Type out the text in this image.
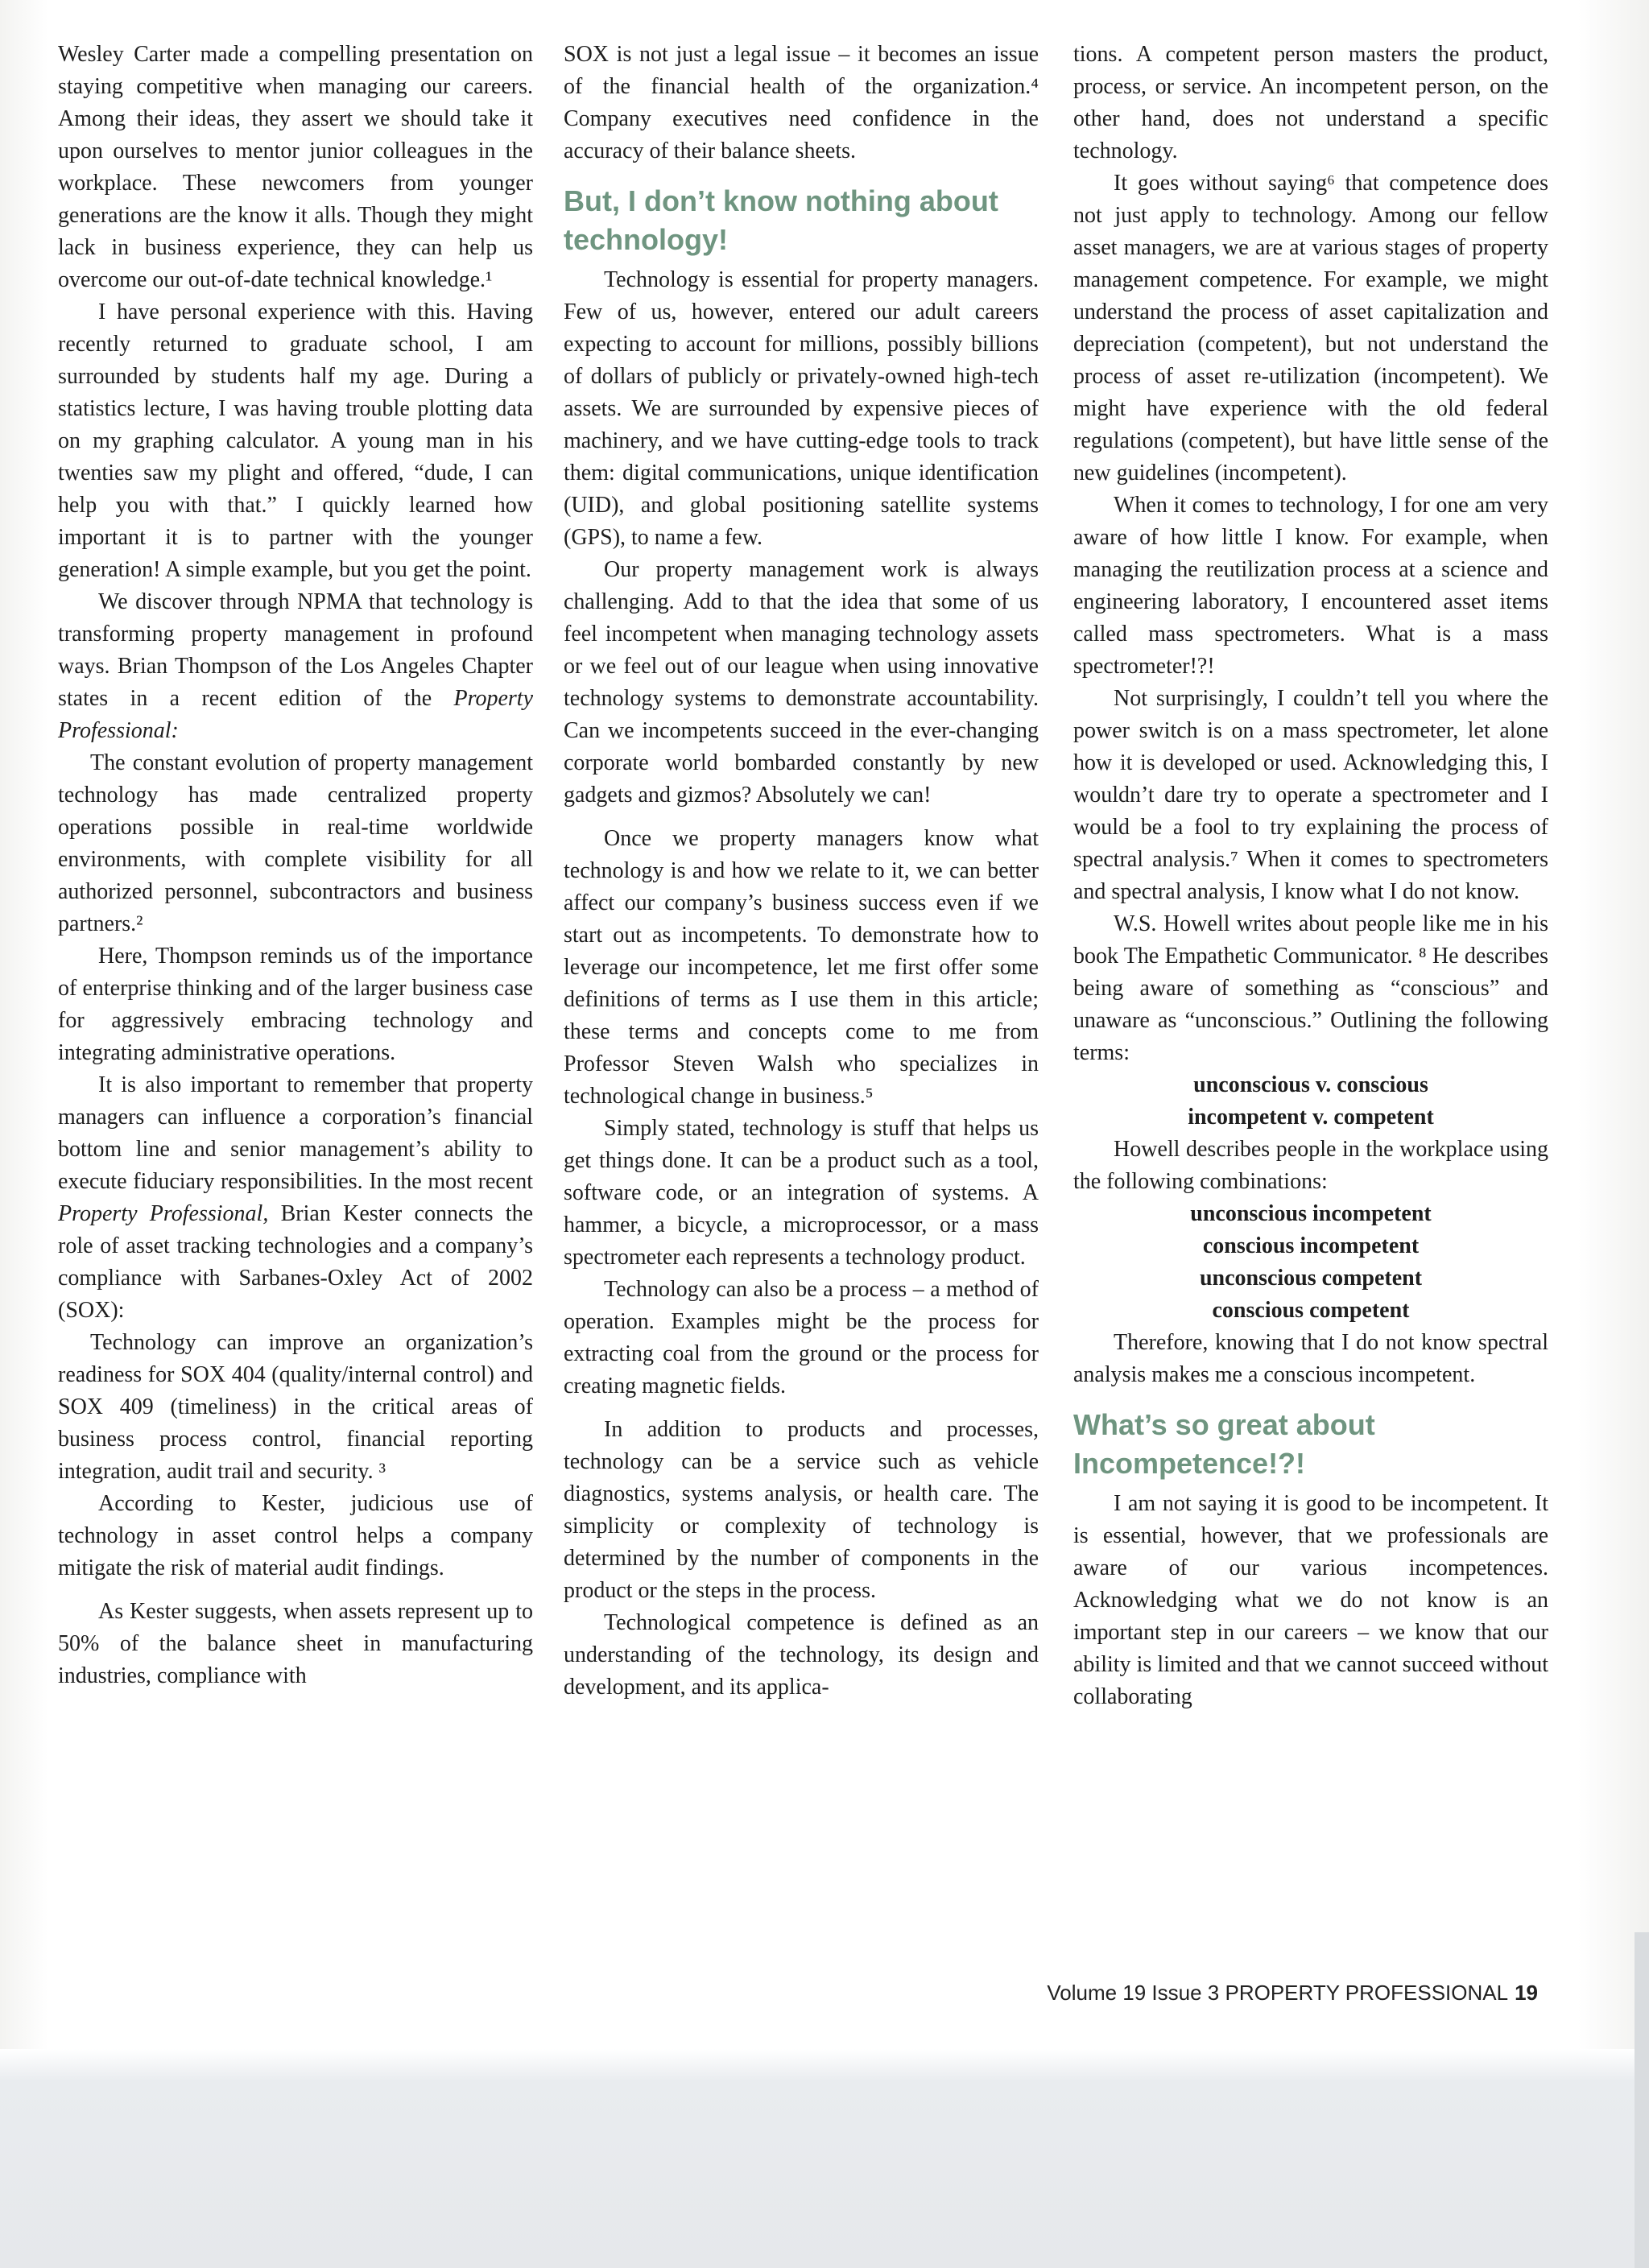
Wesley Carter made a compelling presentation on staying competitive when managing our careers. Among their ideas, they assert we should take it upon ourselves to mentor junior colleagues in the workplace. These newcomers from younger generations are the know it alls. Though they might lack in business experience, they can help us overcome our out-of-date technical knowledge.¹

I have personal experience with this. Having recently returned to graduate school, I am surrounded by students half my age. During a statistics lecture, I was having trouble plotting data on my graphing calculator. A young man in his twenties saw my plight and offered, “dude, I can help you with that.” I quickly learned how important it is to partner with the younger generation! A simple example, but you get the point.

We discover through NPMA that technology is transforming property management in profound ways. Brian Thompson of the Los Angeles Chapter states in a recent edition of the Property Professional:

The constant evolution of property management technology has made centralized property operations possible in real-time worldwide environments, with complete visibility for all authorized personnel, subcontractors and business partners.²

Here, Thompson reminds us of the importance of enterprise thinking and of the larger business case for aggressively embracing technology and integrating administrative operations.

It is also important to remember that property managers can influence a corporation’s financial bottom line and senior management’s ability to execute fiduciary responsibilities. In the most recent Property Professional, Brian Kester connects the role of asset tracking technologies and a company’s compliance with Sarbanes-Oxley Act of 2002 (SOX):

Technology can improve an organization’s readiness for SOX 404 (quality/internal control) and SOX 409 (timeliness) in the critical areas of business process control, financial reporting integration, audit trail and security. ³

According to Kester, judicious use of technology in asset control helps a company mitigate the risk of material audit findings.

As Kester suggests, when assets represent up to 50% of the balance sheet in manufacturing industries, compliance with

SOX is not just a legal issue – it becomes an issue of the financial health of the organization.⁴ Company executives need confidence in the accuracy of their balance sheets.

But, I don’t know nothing about technology!

Technology is essential for property managers. Few of us, however, entered our adult careers expecting to account for millions, possibly billions of dollars of publicly or privately-owned high-tech assets. We are surrounded by expensive pieces of machinery, and we have cutting-edge tools to track them: digital communications, unique identification (UID), and global positioning satellite systems (GPS), to name a few.

Our property management work is always challenging. Add to that the idea that some of us feel incompetent when managing technology assets or we feel out of our league when using innovative technology systems to demonstrate accountability. Can we incompetents succeed in the ever-changing corporate world bombarded constantly by new gadgets and gizmos? Absolutely we can!

Once we property managers know what technology is and how we relate to it, we can better affect our company’s business success even if we start out as incompetents. To demonstrate how to leverage our incompetence, let me first offer some definitions of terms as I use them in this article; these terms and concepts come to me from Professor Steven Walsh who specializes in technological change in business.⁵

Simply stated, technology is stuff that helps us get things done. It can be a product such as a tool, software code, or an integration of systems. A hammer, a bicycle, a microprocessor, or a mass spectrometer each represents a technology product.

Technology can also be a process – a method of operation. Examples might be the process for extracting coal from the ground or the process for creating magnetic fields.

In addition to products and processes, technology can be a service such as vehicle diagnostics, systems analysis, or health care. The simplicity or complexity of technology is determined by the number of components in the product or the steps in the process.

Technological competence is defined as an understanding of the technology, its design and development, and its applica-

tions. A competent person masters the product, process, or service. An incompetent person, on the other hand, does not understand a specific technology.

It goes without saying⁶ that competence does not just apply to technology. Among our fellow asset managers, we are at various stages of property management competence. For example, we might understand the process of asset capitalization and depreciation (competent), but not understand the process of asset re-utilization (incompetent). We might have experience with the old federal regulations (competent), but have little sense of the new guidelines (incompetent).

When it comes to technology, I for one am very aware of how little I know. For example, when managing the reutilization process at a science and engineering laboratory, I encountered asset items called mass spectrometers. What is a mass spectrometer!?!

Not surprisingly, I couldn’t tell you where the power switch is on a mass spectrometer, let alone how it is developed or used. Acknowledging this, I wouldn’t dare try to operate a spectrometer and I would be a fool to try explaining the process of spectral analysis.⁷ When it comes to spectrometers and spectral analysis, I know what I do not know.

W.S. Howell writes about people like me in his book The Empathetic Communicator. ⁸ He describes being aware of something as “conscious” and unaware as “unconscious.” Outlining the following terms:

unconscious v. conscious
incompetent v. competent

Howell describes people in the workplace using the following combinations:

unconscious incompetent
conscious incompetent
unconscious competent
conscious competent

Therefore, knowing that I do not know spectral analysis makes me a conscious incompetent.

What’s so great about Incompetence!?!

I am not saying it is good to be incompetent. It is essential, however, that we professionals are aware of our various incompetences. Acknowledging what we do not know is an important step in our careers – we know that our ability is limited and that we cannot succeed without collaborating

Volume 19 Issue 3 PROPERTY PROFESSIONAL 19
